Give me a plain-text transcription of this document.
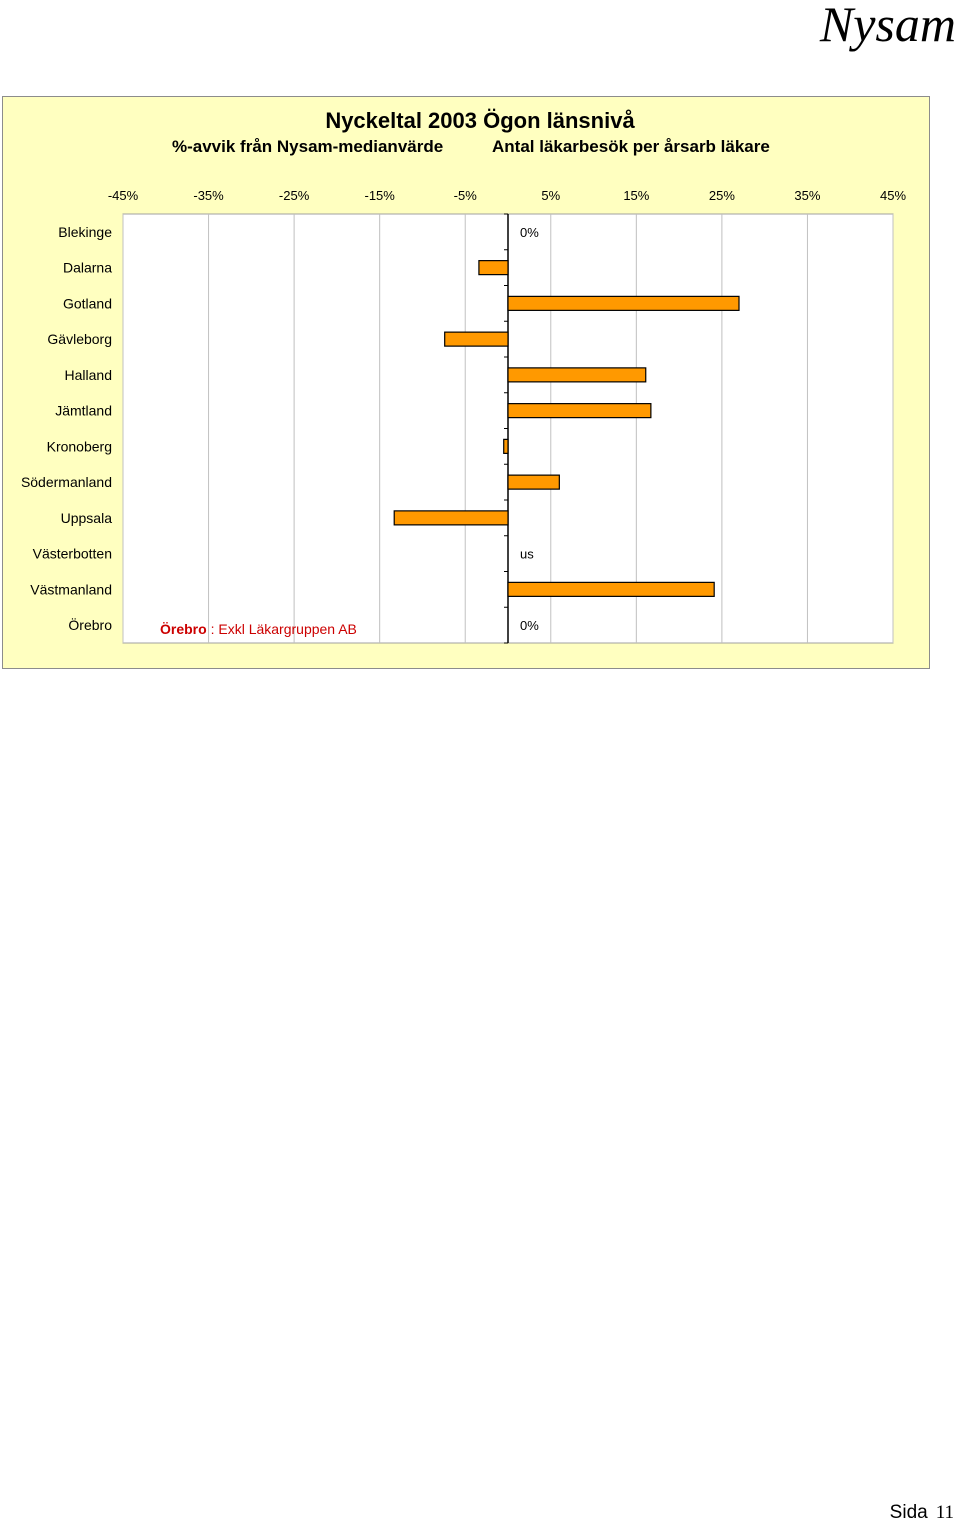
Nysam
Nyckeltal 2003 Ögon länsnivå
%-avvik från Nysam-medianvärde	Antal läkarbesök per årsarb läkare
-45%	-35%	-25%	-15%	-5%	5%	15%	25%	35%	45%
Blekinge	0%
Dalarna
Gotland
Gävleborg
Halland
Jämtland
Kronoberg
Södermanland
Uppsala
Västerbotten	us
Västmanland
Örebro	0%
Örebro : Exkl Läkargruppen AB
Sida 11
